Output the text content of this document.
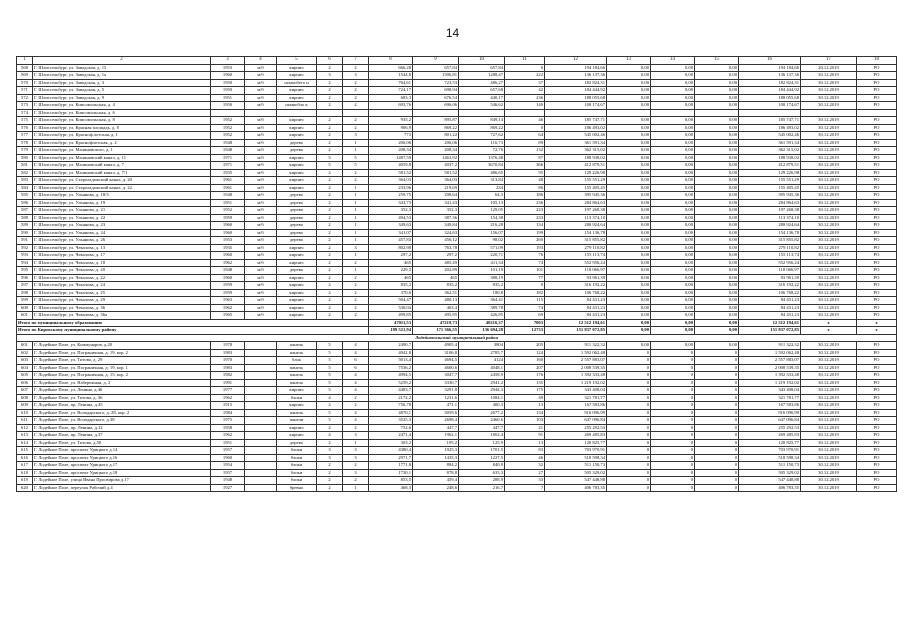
14
1	2	3	4	5	6	7	8	9	10	11	12	13	14	15	16	17	18
568	Г. Шлиссельбург, ул. Заводская, д. 15	1953	м/б	кирпич	2	2	666,28	657,84	657,84	6	194 184,66	0,00	0,00	0,00	194 184,66	20.12.2019	РО
569	Г. Шлиссельбург, ул. Заводская, д. 1а	1960	м/б	кирпич	3	3	1544,8	1506,81	1288,47	222	136 137,36	0,00	0,00	0,00	136 137,36	30.12.2019	РО
570	Г. Шлиссельбург, ул. Заводская, д. 3	1950	м/б	шлакобето н	2	2	764,61	723,53	486,27	37	182 824,31	0,00	0,00	0,00	182 824,31	30.12.2019	РО
571	Г. Шлиссельбург, ул. Заводская, д. 5	1950	м/б	кирпич	2	2	724,17	698,94	657,68	42	184 444,92	0,00	0,00	0,00	184 444,92	30.12.2019	РО
572	Г. Шлиссельбург, ул. Заводская, д. 9	1951	м/б	кирпич	2	2	683,3	676,54	440,17	236	188 055,68	0,00	0,00	0,00	188 055,68	30.12.2019	РО
573	Г. Шлиссельбург, ул. Комсомольская, д. 4	1950	м/б	шлакобло к	2	2	693,76	696,06	546,62	140	100 174,67	0,00	0,00	0,00	100 174,67	30.12.2019	РО
574	Г. Шлиссельбург, ул. Комсомольская, д. 6																
575	Г. Шлиссельбург, ул. Комсомольская, д. 8	1952	м/б	кирпич	2	2	935,2	895,87	849,14	46	185 747,71	0,00	0,00	0,00	185 747,71	30.12.2019	РО
576	Г. Шлиссельбург, ул. Красная площадь, д. 8	1952	м/б	кирпич	2	2	906,9	869,22	869,22	0	186 493,02	0,00	0,00	0,00	186 493,02	30.12.2019	РО
577	Г. Шлиссельбург, ул. Красноф.лотская, д. 1	1952	м/б	кирпич	2	3	773	801,22	727,62	64	545 002,46	0,00	0,00	0,00	545 002,46	30.12.2019	РО
578	Г. Шлиссельбург, ул. Краснофлотская, д. 2	1948	м/б	дерево	2	1	206,06	206,06	116,73	89	361 591,34	0,00	0,00	0,00	361 591,34	30.12.2019	РО
579	Г. Шлиссельбург, ул. Малиновского, д. 1	1948	м/б	дерево	2	1	208,34	208,34	72,76	132	362 315,02	0,00	0,00	0,00	362 315,02	30.12.2019	РО
580	Г. Шлиссельбург, ул. Малиновский канал, д. 11	1971	м/б	кирпич	5	5	1487,59	1463,92	1376,48	87	188 938,02	0,00	0,00	0,00	188 938,02	30.12.2019	РО
581	Г. Шлиссельбург, ул. Малиновский канал, д. 7	1971	м/б	кирпич	5	5	4059,8	4037,2	3670,84	366	412 879,51	0,00	0,00	0,00	412 879,51	30.12.2019	РО
582	Г. Шлиссельбург, ул. Малиновский канал, д. 7/1	1935	м/б	кирпич	2	2	581,52	581,52	486,65	95	129 226,98	0,00	0,00	0,00	129 226,98	30.12.2019	РО
583	Г. Шлиссельбург, ул. Староладожский канал, д. 20	1961	м/б	кирпич	2	2	364,03	364,03	313,84	48	155 551,29	0,00	0,00	0,00	155 551,29	30.12.2019	РО
584	Г. Шлиссельбург, ул. Староладожский канал, д. 22	1961	м/б	кирпич	2	1	233,96	219,69	234	86	155 405,45	0,00	0,00	0,00	155 405,45	30.12.2019	РО
585	Г. Шлиссельбург, ул. Ульянова, д. 18/3	1948	м/б	дерево	2	1	259,75	298,64	64,3	186	395 945,36	0,00	0,00	0,00	395 945,36	30.12.2019	РО
586	Г. Шлиссельбург, ул. Ульянова, д. 19	1951	м/б	дерево	2	1	343,73	341,43	105,13	236	284 864,63	0,00	0,00	0,00	284 864,63	30.12.2019	РО
587	Г. Шлиссельбург, ул. Ульянова, д. 21	1952	м/б	дерево	2	1	352,3	352,3	129,05	223	197 268,38	0,00	0,00	0,00	197 268,38	30.12.2019	РО
588	Г. Шлиссельбург, ул. Ульянова, д. 22	1959	м/б	дерево	2	1	494,53	387,36	154,38	233	113 374,10	0,00	0,00	0,00	113 374,10	30.12.2019	РО
589	Г. Шлиссельбург, ул. Ульянова, д. 23	1960	м/б	дерево	2	1	349,63	349,84	216,28	134	280 924,64	0,00	0,00	0,00	280 924,64	30.12.2019	РО
590	Г. Шлиссельбург, ул. Ульянова, д. 24	1960	м/б	дерево	2	1	341,07	324,63	156,07	199	154 136,78	0,00	0,00	0,00	154 136,78	30.12.2019	РО
591	Г. Шлиссельбург, ул. Ульянова, д. 26	1953	м/б	дерево	2	1	457,83	456,12	98,02	260	315 855,82	0,00	0,00	0,00	315 855,82	30.12.2019	РО
592	Г. Шлиссельбург, ул. Чекалова, д. 13	1935	м/б	кирпич	2	3	802,98	763,78	571,09	193	279 110,82	0,00	0,00	0,00	279 110,82	30.12.2019	РО
593	Г. Шлиссельбург, ул. Чекалова, д. 17	1960	м/б	кирпич	2	1	297,2	297,2	220,71	76	155 113,74	0,00	0,00	0,00	155 113,74	30.12.2019	РО
594	Г. Шлиссельбург, ул. Чекалова, д. 18	1962	м/б	кирпич	2	2	465	485,49	411,34	74	552 956,24	0,00	0,00	0,00	552 956,24	30.12.2019	РО
595	Г. Шлиссельбург, ул. Чекалова, д. 20	1948	м/б	дерево	2	1	229,3	202,89	101,19	101	118 066,97	0,00	0,00	0,00	118 066,97	30.12.2019	РО
596	Г. Шлиссельбург, ул. Чекалова, д. 22	1960	м/б	кирпич	2	2	465	465	388,19	77	93 961,39	0,00	0,00	0,00	93 961,39	30.12.2019	РО
597	Г. Шлиссельбург, ул. Чекалова, д. 24	1959	м/б	кирпич	2	2	835,2	835,2	835,2	0	316 192,22	0,00	0,00	0,00	316 192,22	30.12.2019	РО
598	Г. Шлиссельбург, ул. Чекалова, д. 25	1959	м/б	кирпич	2	2	370,6	362,51	180,8	182	106 768,22	0,00	0,00	0,00	106 768,22	30.12.2019	РО
599	Г. Шлиссельбург, ул. Чекалова, д. 29	1963	м/б	кирпич	2	2	504,47	480,13	364,41	115	84 431,23	0,00	0,00	0,00	84 431,23	30.12.2019	РО
600	Г. Шлиссельбург, ул. Чекалова, д. 36	1962	м/б	кирпич	2	2	530,04	463,4	389,78	74	84 431,23	0,00	0,00	0,00	84 431,23	30.12.2019	РО
601	Г. Шлиссельбург, ул. Чекалова, д. 36а	1965	м/б	кирпич	2	2	499,85	495,85	426,85	69	84 431,23	0,00	0,00	0,00	84 431,23	30.12.2019	РО
Итого по муниципальному образованию							47011,53	47219,73	40216,37	7003	12 512 194,61	0,00	0,00	0,00	12 512 194,61	x	x
Итого по Кировскому муниципальному району							189 521,94	171 366,55	136 694,28	12733	151 837 072,85	0,00	0,00	0,00	151 837 072,85	x	x
Лодейнопольский муниципальный район																	
601	Г. Лодейное Поле, ул. Коммунаров, д.20	1978		панель	5	4	2490,7	4905,4	3804	205	911 322,32	0,00	0,00	0,00	911 322,32	30.12.2019	РО
602	Г. Лодейное Поле, ул. Пограничная, д. 19, кор. 2	1983		панель	5	4	4942,8	3106,8	2785,7	124	1 592 062,48	0	0	0	1 592 062,48	30.12.2019	РО
603	Г. Лодейное Поле, ул. Титова, д. 29	1970		блок	5	6	5013,4	4694,5	4124	160	2 557 883,07	0	0	0	2 557 883,07	30.12.2019	РО
604	Г. Лодейное Поле, ул. Пограничная, д. 19, кор. 1	1983		панель	5	6	7536,2	4600,6	4048,1	207	2 008 539,35	0	0	0	2 008 539,35	30.12.2019	РО
605	Г. Лодейное Поле, ул. Пограничная, д. 15, кор. 2	1982		панель	5	4	4994,5	3047,7	2458,9	176	1 392 333,48	0	0	0	1 392 333,48	30.12.2019	РО
606	Г. Лодейное Поле, ул. Набережная, д. 2	1991		панель	5	4	5259,2	3330,7	2941,2	135	1 219 192,02	0	0	0	1 219 192,02	30.12.2019	РО
607	Г. Лодейное Поле, ул. Ленина, д.46	1977		кирпич	5	4	4483,7	3291,8	2944,3	175	343 408,04	0	0	0	343 408,04	30.12.2019	РО
608	Г. Лодейное Поле, ул. Титова, д. 36	1962		блоки	4	2	2172,2	1231,6	1084,1	49	321 781,77	0	0	0	321 781,77	30.12.2019	РО
609	Г. Лодейное Поле, пр. Ленина, д.45	1915		кирпич	2	2	756,78	471,1	400,3	13	167 583,86	0	0	0	167 583,86	30.12.2019	РО
610	Г. Лодейное Поле, ул. Володарского, д. 28, кор. 2	1984		панель	5	4	4870,1	3059,6	2677,2	134	916 096,99	0	0	0	916 096,99	30.12.2019	РО
611	Г. Лодейное Поле, ул. Володарского, д.38	1975		панели	5	4	3525,3	2698,4	2460,6	103	647 096,84	0	0	0	647 096,84	30.12.2019	РО
612	Г. Лодейное Поле, пр. Ленина, д.12	1958		кирпич	2	2	752,6	447,7	447,7	21	255 292,53	0	0	0	255 292,53	30.12.2019	РО
613	Г. Лодейное Поле, пр. Ленина, д.37	1962		кирпич	4	3	2471,4	1962,1	1802,4	91	269 485,83	0	0	0	269 485,83	30.12.2019	РО
614	Г. Лодейное Поле, ул. Титова, д.50	1951		дерево	2	1	303,2	195,2	125,9	13	120 825,77	0	0	0	120 825,77	30.12.2019	РО
615	Г. Лодейное Поле, проспект Урицкого д.14	1957		блоки	3	3	4380,4	1925,3	1701,5	83	703 970,91	0	0	0	703 970,91	30.12.2019	РО
616	Г. Лодейное Поле, проспект Урицкого д.16	1960		блоки	3	3	2971,7	1435,3	1227,5	46	518 598,34	0	0	0	518 598,34	30.12.2019	РО
617	Г. Лодейное Поле, проспект Урицкого д.17	1954		блоки	2	2	1771,8	884,2	840,9	32	511 150,73	0	0	0	511 150,73	30.12.2019	РО
618	Г. Лодейное Поле, проспект Урицкого д.18	1957		блоки	2	3	1730,1	878,8	633,3	27	505 329,02	0	0	0	505 329,02	30.12.2019	РО
619	Г. Лодейное Поле, улица Ивана Просвирова д.17	1948		блоки	2	2	853,5	459,4	288,9	33	547 448,88	0	0	0	547 448,88	30.12.2019	РО
620	Г. Лодейное Поле, переулок Рабочий д.4	1927		бревно	2	1	468,3	248,6	216,7	7	406 783,35	0	0	0	406 783,35	30.12.2019	РО
